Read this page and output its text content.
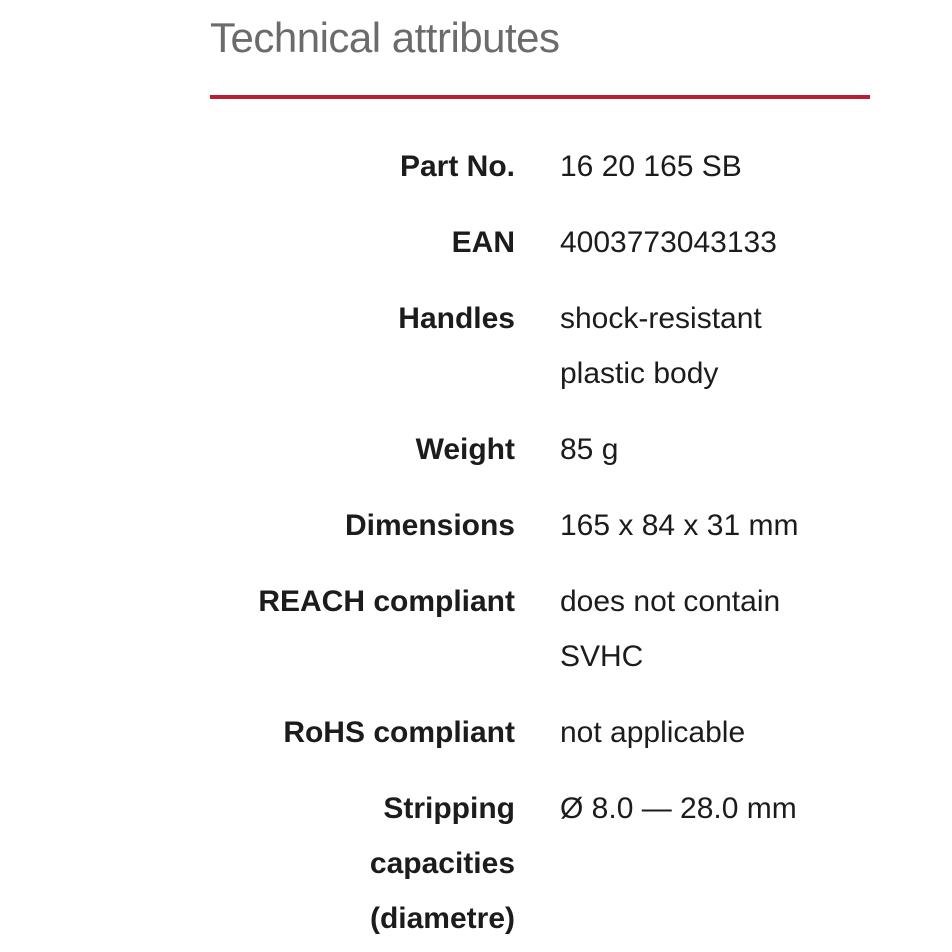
Technical attributes
Part No. 16 20 165 SB
EAN 4003773043133
Handles shock-resistant plastic body
Weight 85 g
Dimensions 165 x 84 x 31 mm
REACH compliant does not contain SVHC
RoHS compliant not applicable
Stripping capacities (diametre)
Ø 8.0 — 28.0 mm
